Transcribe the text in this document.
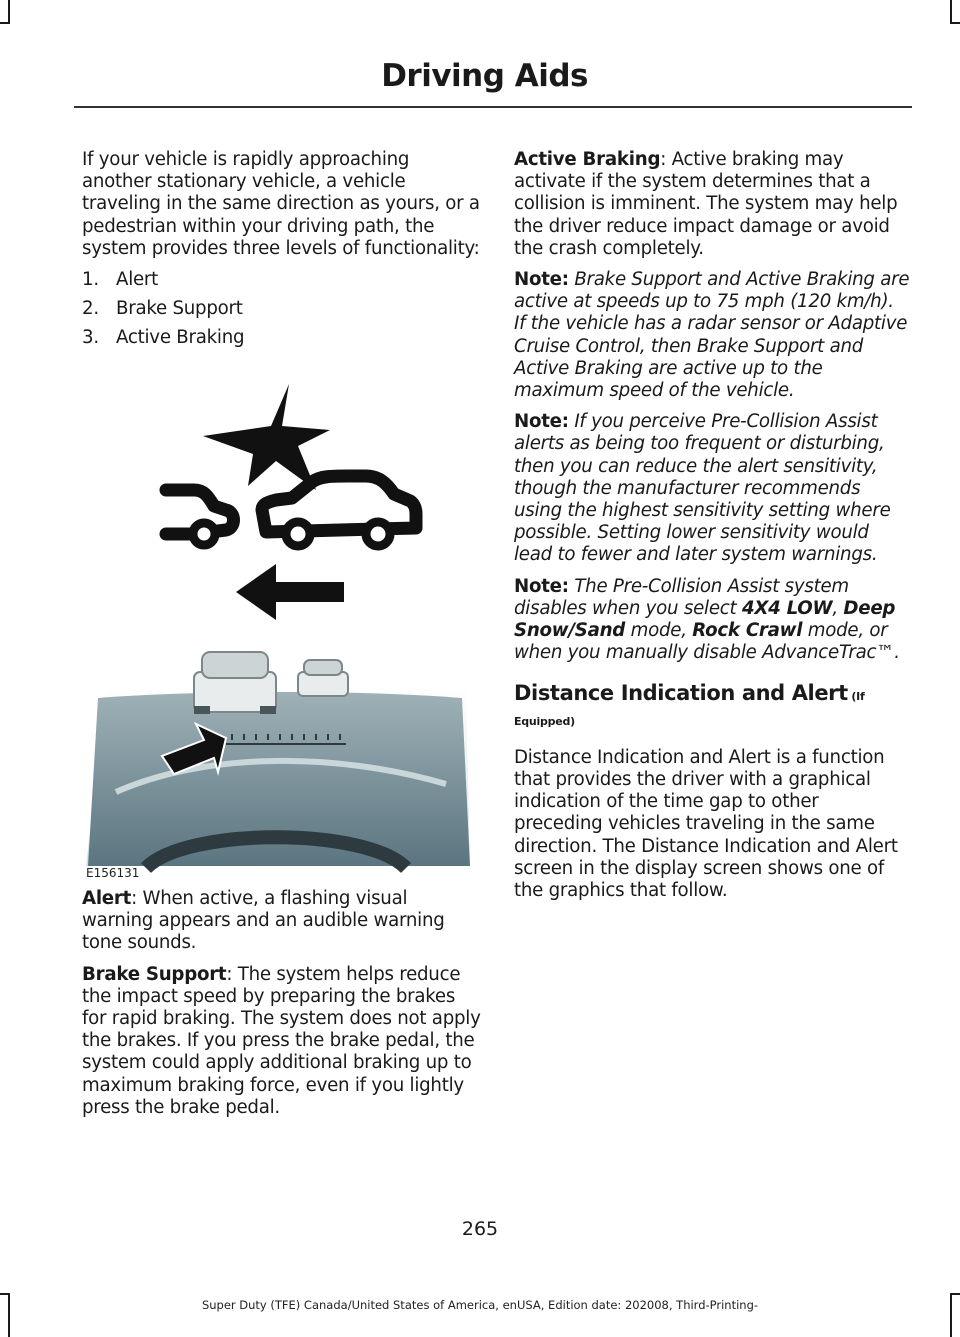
Driving Aids

If your vehicle is rapidly approaching another stationary vehicle, a vehicle traveling in the same direction as yours, or a pedestrian within your driving path, the system provides three levels of functionality:

1. Alert
2. Brake Support
3. Active Braking
E156131

Alert: When active, a flashing visual warning appears and an audible warning tone sounds.

Brake Support: The system helps reduce the impact speed by preparing the brakes for rapid braking. The system does not apply the brakes. If you press the brake pedal, the system could apply additional braking up to maximum braking force, even if you lightly press the brake pedal.

Active Braking: Active braking may activate if the system determines that a collision is imminent. The system may help the driver reduce impact damage or avoid the crash completely.

Note: Brake Support and Active Braking are active at speeds up to 75 mph (120 km/h). If the vehicle has a radar sensor or Adaptive Cruise Control, then Brake Support and Active Braking are active up to the maximum speed of the vehicle.

Note: If you perceive Pre-Collision Assist alerts as being too frequent or disturbing, then you can reduce the alert sensitivity, though the manufacturer recommends using the highest sensitivity setting where possible. Setting lower sensitivity would lead to fewer and later system warnings.

Note: The Pre-Collision Assist system disables when you select 4X4 LOW, Deep Snow/Sand mode, Rock Crawl mode, or when you manually disable AdvanceTrac™.

Distance Indication and Alert (If Equipped)

Distance Indication and Alert is a function that provides the driver with a graphical indication of the time gap to other preceding vehicles traveling in the same direction. The Distance Indication and Alert screen in the display screen shows one of the graphics that follow.

265
Super Duty (TFE) Canada/United States of America, enUSA, Edition date: 202008, Third-Printing-
